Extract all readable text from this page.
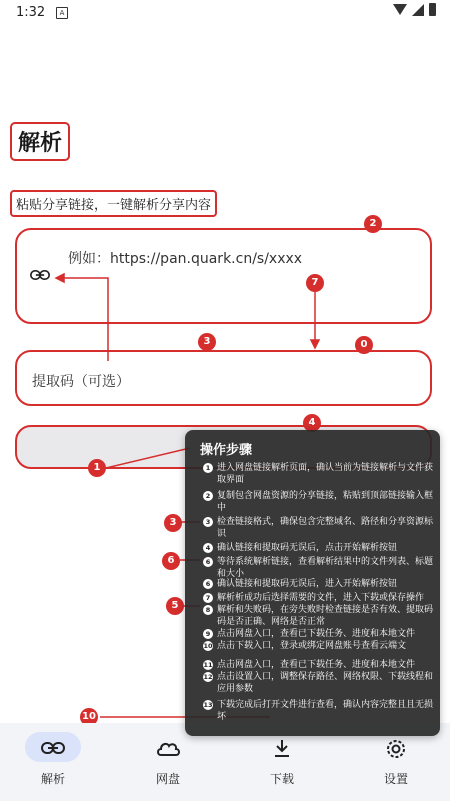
1:32	A
解析
粘贴分享链接，一键解析分享内容
例如：https://pan.quark.cn/s/xxxx
提取码（可选）
1
2
3
4
5
6
7
0
10
3
解析	网盘	下载	设置
操作步骤
1 进入网盘链接解析页面，确认当前为链接解析与文件获取界面
2 复制包含网盘资源的分享链接，粘贴到顶部链接输入框中
3 检查链接格式，确保包含完整域名、路径和分享资源标识
4 确认链接和提取码无误后，点击开始解析按钮
6 等待系统解析链接，查看解析结果中的文件列表、标题和大小
6 确认链接和提取码无误后，进入开始解析按钮
7 解析析成功后选择需要的文件，进入下载或保存操作
8 解析和失败码，在旁失败时检查链接是否有效、提取码码是否正确、网络是否正常
9 点击网盘入口，查看已下载任务、进度和本地文件
10 点击下载入口，登录或绑定网盘账号查看云端文
11 点击网盘入口，查看已下载任务、进度和本地文件
12 点击设置入口，调整保存路径、网络权限、下载线程和应用参数
13 下载完成后打开文件进行查看，确认内容完整且且无损坏
